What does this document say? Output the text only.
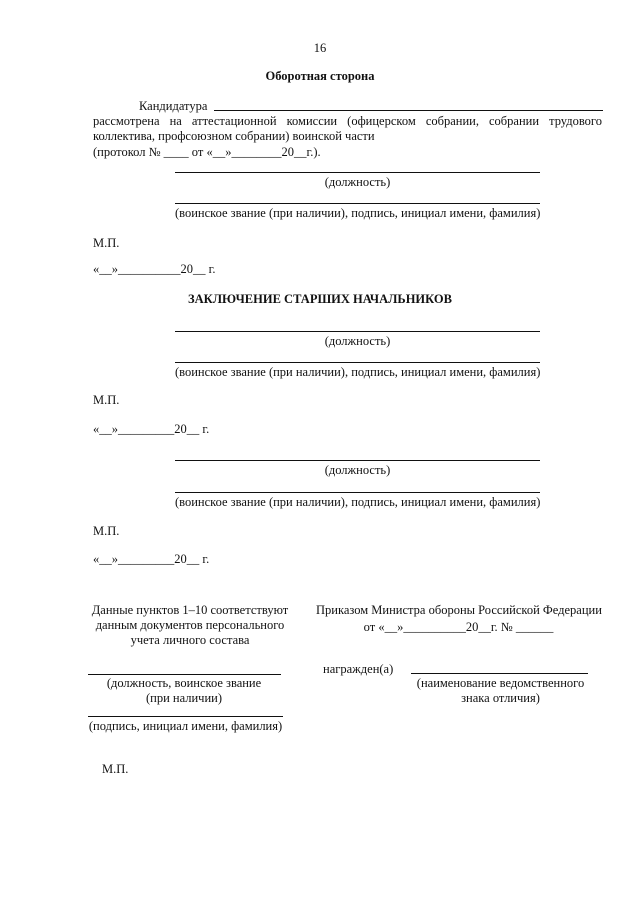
16
Оборотная сторона
Кандидатура
рассмотрена на аттестационной комиссии (офицерском собрании, собрании трудового
коллектива, профсоюзном собрании) воинской части
(протокол № ____ от «__»________20__г.).
(должность)
(воинское звание (при наличии), подпись, инициал имени, фамилия)
М.П.
«__»__________20__ г.
ЗАКЛЮЧЕНИЕ СТАРШИХ НАЧАЛЬНИКОВ
(должность)
(воинское звание (при наличии), подпись, инициал имени, фамилия)
М.П.
«__»_________20__ г.
(должность)
(воинское звание (при наличии), подпись, инициал имени, фамилия)
М.П.
«__»_________20__ г.
Данные пунктов 1–10 соответствуют
данным документов персонального
учета личного состава
(должность, воинское звание
(при наличии)
(подпись, инициал имени, фамилия)
М.П.
Приказом Министра обороны Российской Федерации
от «__»__________20__г. № ______
награжден(а)
(наименование ведомственного
знака отличия)
